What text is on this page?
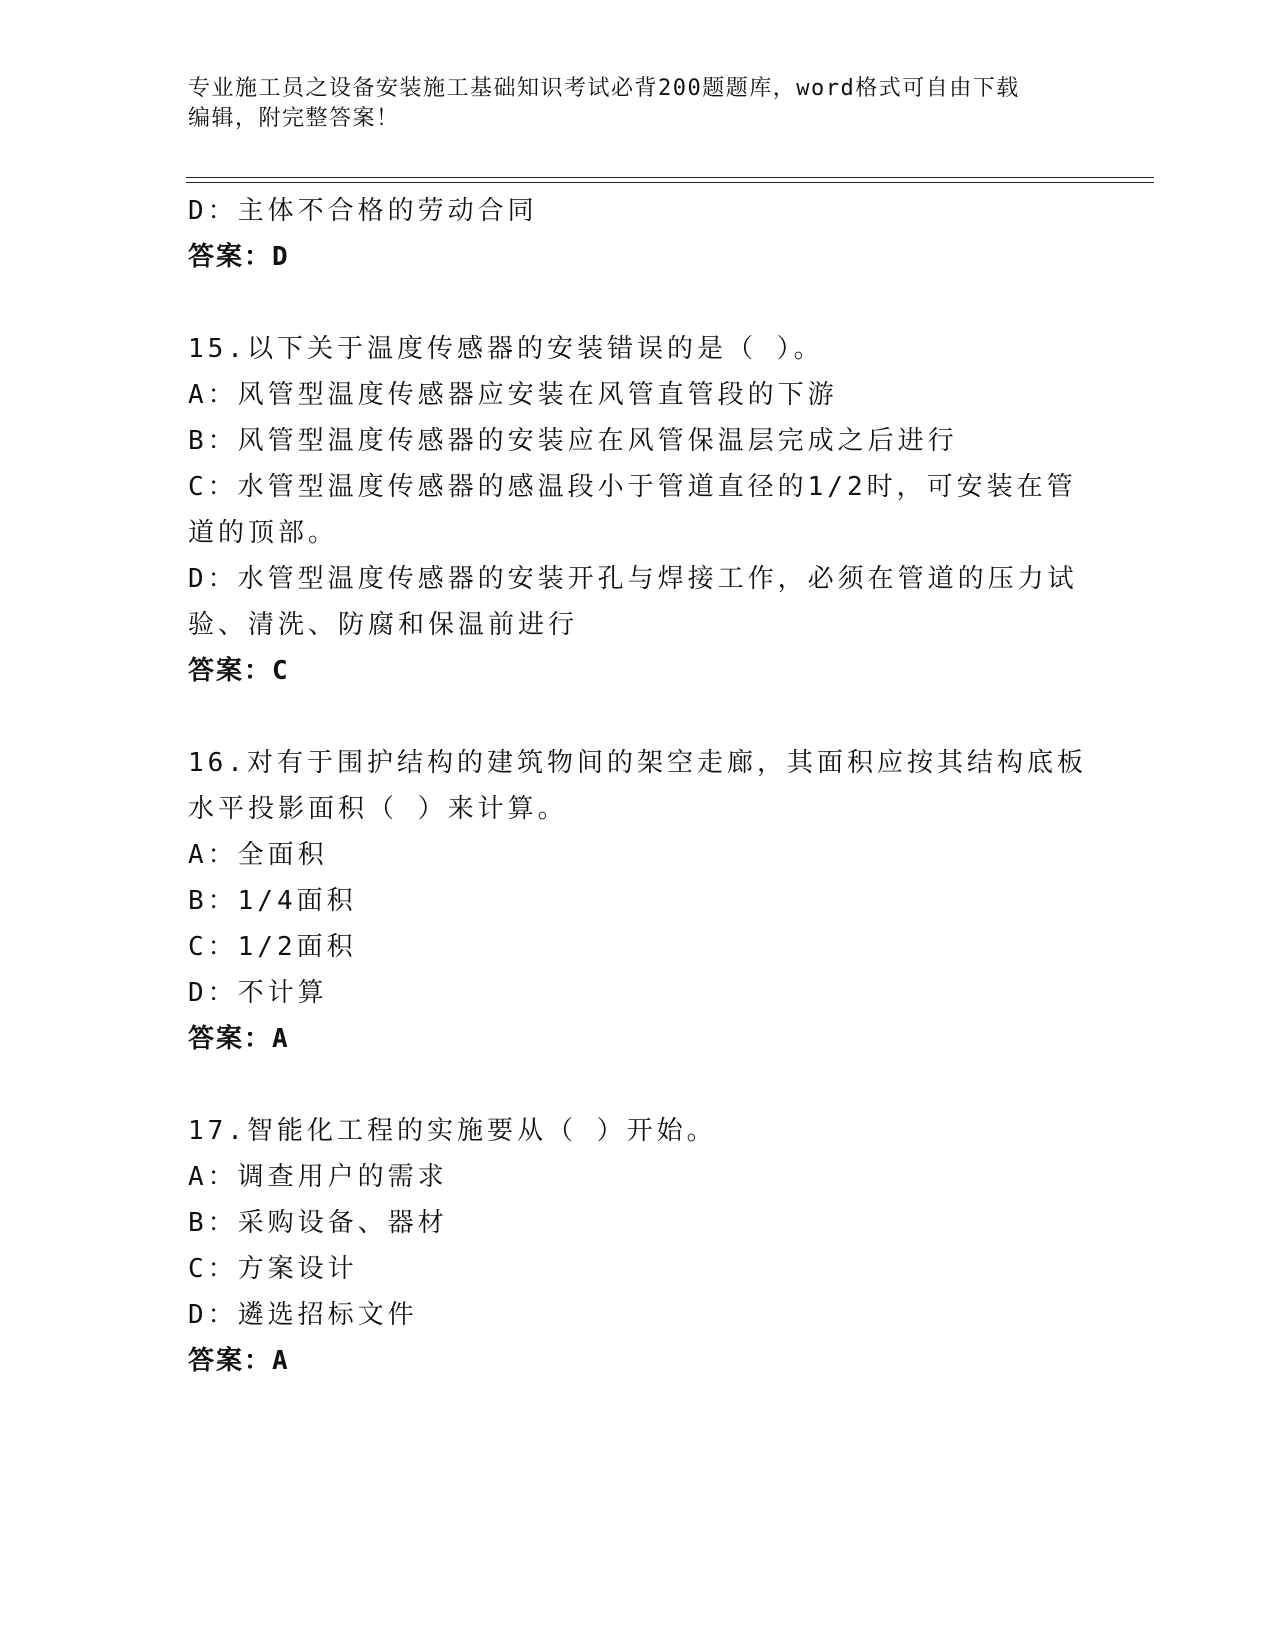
专业施工员之设备安装施工基础知识考试必背200题题库，word格式可自由下载
编辑，附完整答案！

D：主体不合格的劳动合同

答案：D

15.以下关于温度传感器的安装错误的是（ ）。

A：风管型温度传感器应安装在风管直管段的下游

B：风管型温度传感器的安装应在风管保温层完成之后进行

C：水管型温度传感器的感温段小于管道直径的1/2时，可安装在管道的顶部。

D：水管型温度传感器的安装开孔与焊接工作，必须在管道的压力试验、清洗、防腐和保温前进行

答案：C

16.对有于围护结构的建筑物间的架空走廊，其面积应按其结构底板水平投影面积（ ）来计算。

A：全面积

B：1/4面积

C：1/2面积

D：不计算

答案：A

17.智能化工程的实施要从（ ）开始。

A：调查用户的需求

B：采购设备、器材

C：方案设计

D：遴选招标文件

答案：A
